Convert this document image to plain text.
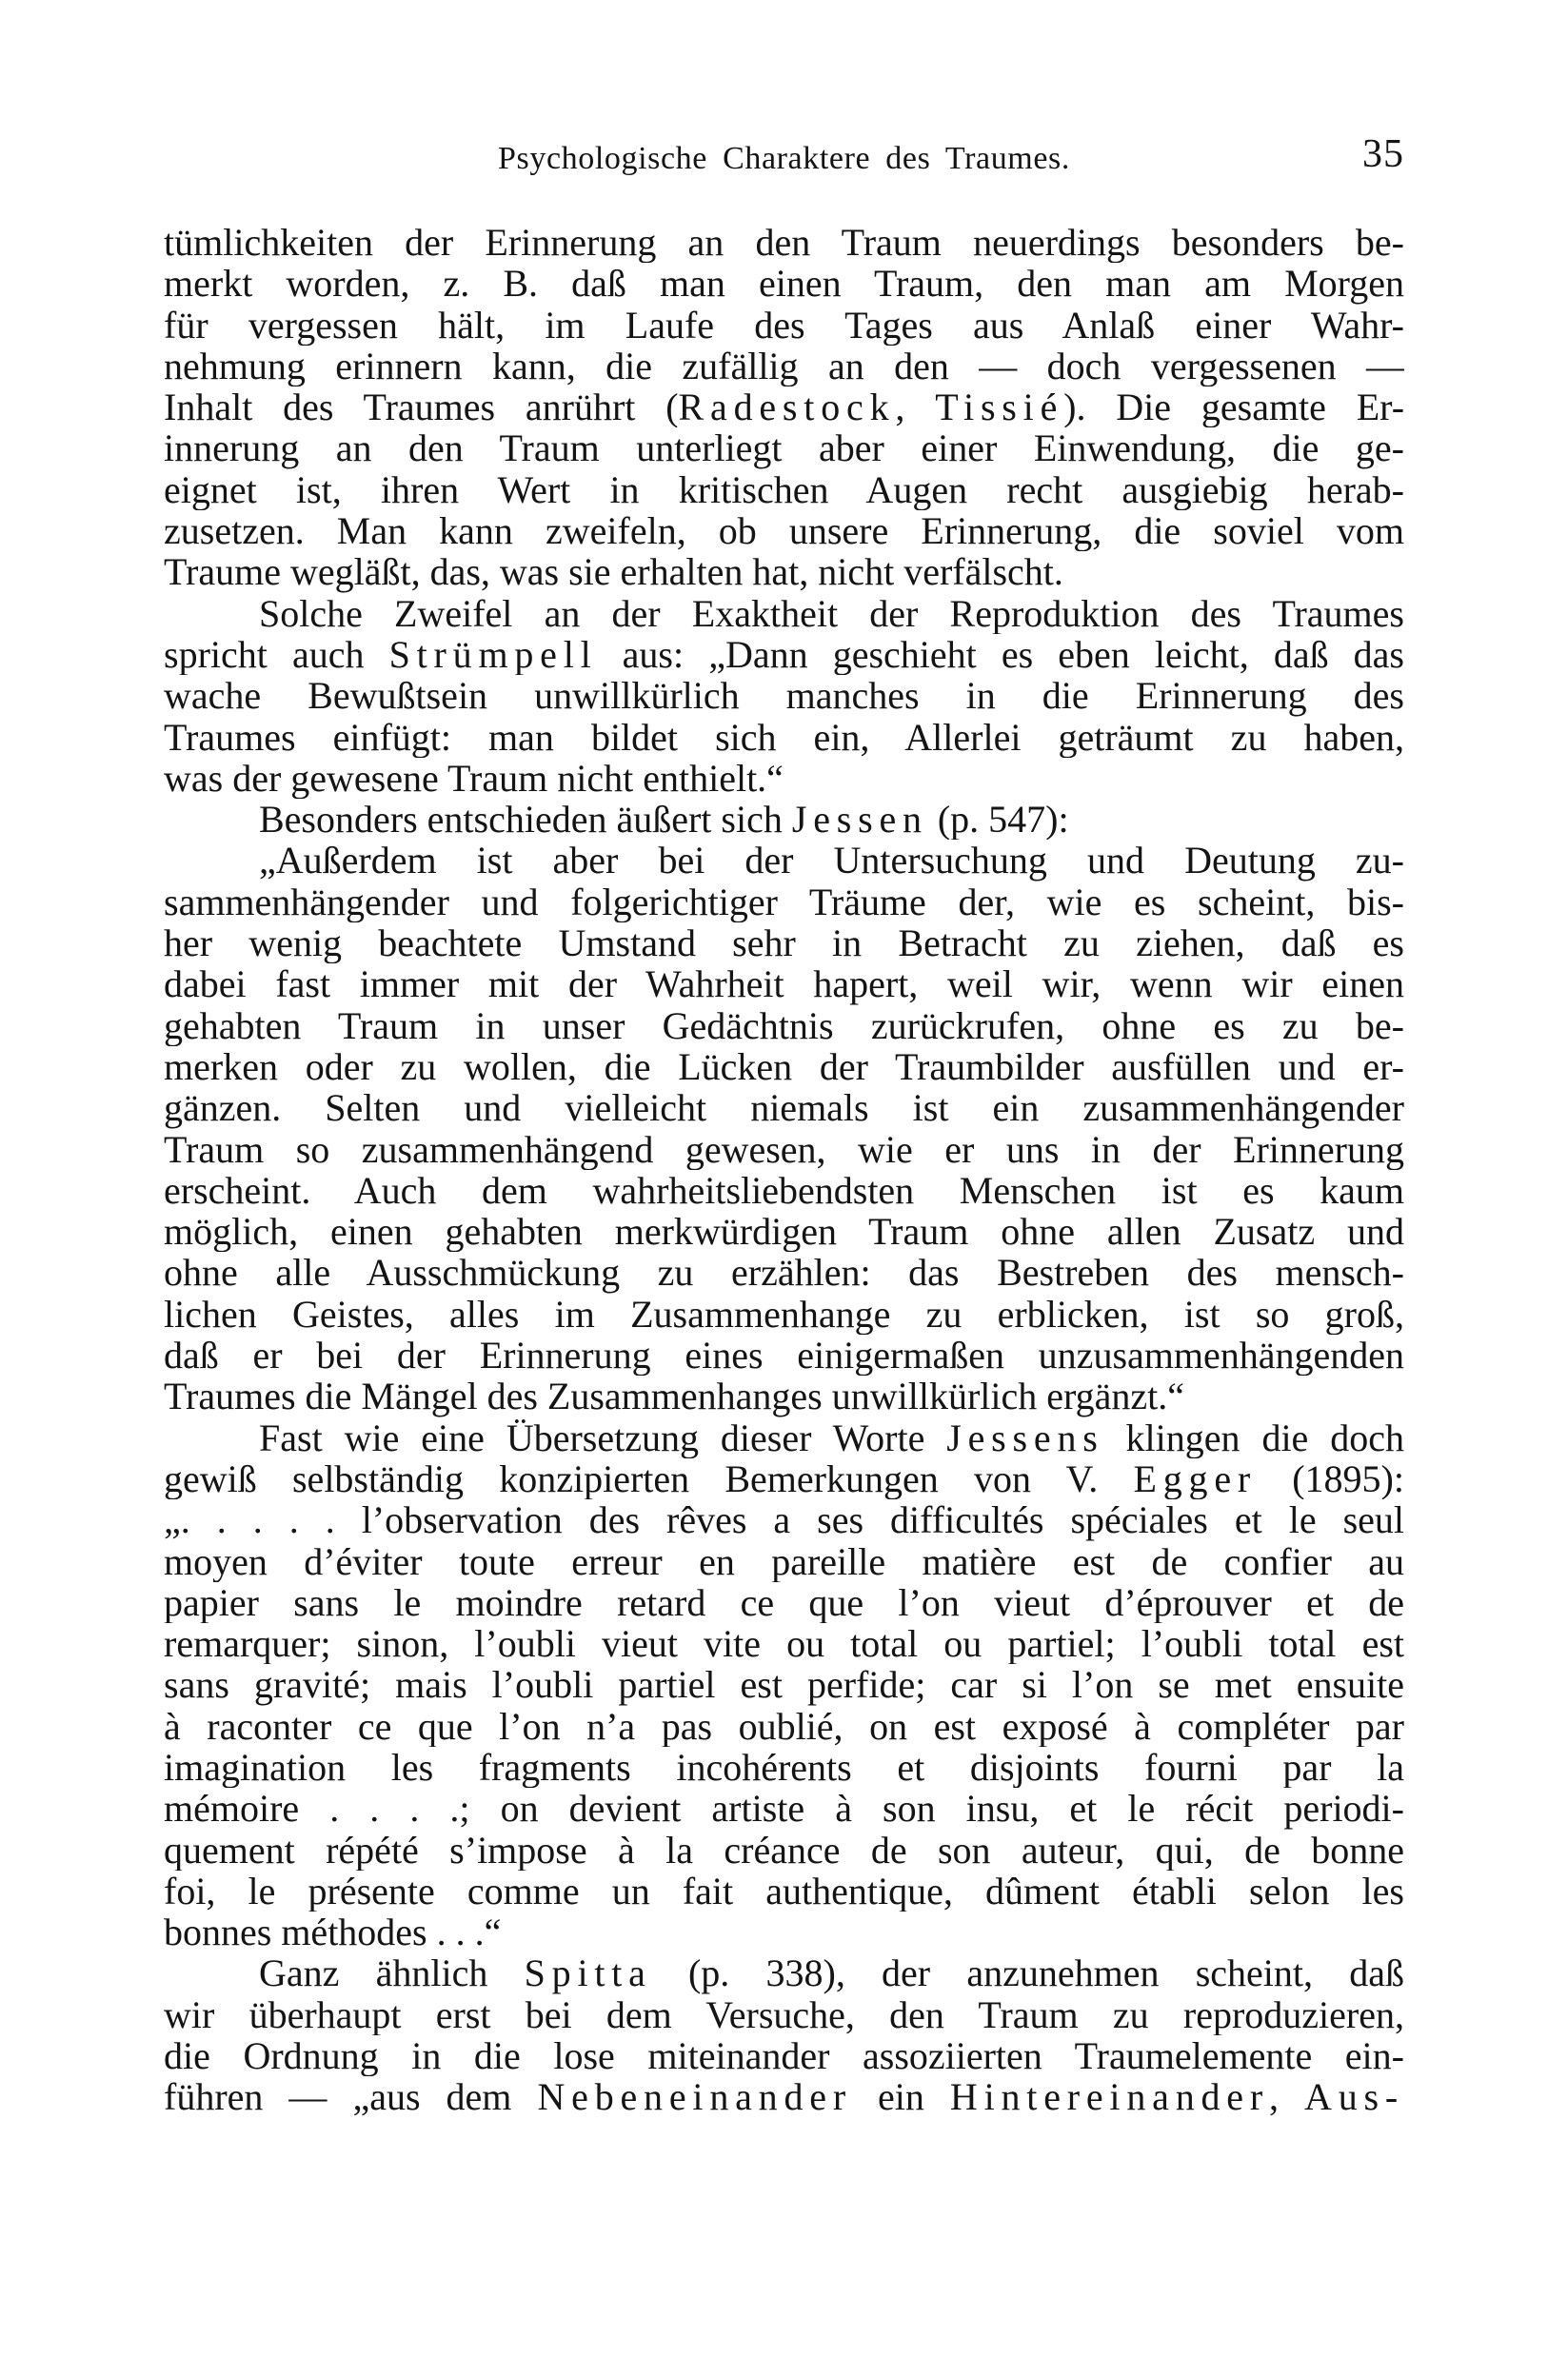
Psychologische Charaktere des Traumes.	35
tümlichkeiten der Erinnerung an den Traum neuerdings besonders be-
merkt worden, z. B. daß man einen Traum, den man am Morgen
für vergessen hält, im Laufe des Tages aus Anlaß einer Wahr-
nehmung erinnern kann, die zufällig an den — doch vergessenen —
Inhalt des Traumes anrührt (Radestock, Tissié). Die gesamte Er-
innerung an den Traum unterliegt aber einer Einwendung, die ge-
eignet ist, ihren Wert in kritischen Augen recht ausgiebig herab-
zusetzen. Man kann zweifeln, ob unsere Erinnerung, die soviel vom
Traume wegläßt, das, was sie erhalten hat, nicht verfälscht.
Solche Zweifel an der Exaktheit der Reproduktion des Traumes
spricht auch Strümpell aus: „Dann geschieht es eben leicht, daß das
wache Bewußtsein unwillkürlich manches in die Erinnerung des
Traumes einfügt: man bildet sich ein, Allerlei geträumt zu haben,
was der gewesene Traum nicht enthielt.“
Besonders entschieden äußert sich Jessen (p. 547):
„Außerdem ist aber bei der Untersuchung und Deutung zu-
sammenhängender und folgerichtiger Träume der, wie es scheint, bis-
her wenig beachtete Umstand sehr in Betracht zu ziehen, daß es
dabei fast immer mit der Wahrheit hapert, weil wir, wenn wir einen
gehabten Traum in unser Gedächtnis zurückrufen, ohne es zu be-
merken oder zu wollen, die Lücken der Traumbilder ausfüllen und er-
gänzen. Selten und vielleicht niemals ist ein zusammenhängender
Traum so zusammenhängend gewesen, wie er uns in der Erinnerung
erscheint. Auch dem wahrheitsliebendsten Menschen ist es kaum
möglich, einen gehabten merkwürdigen Traum ohne allen Zusatz und
ohne alle Ausschmückung zu erzählen: das Bestreben des mensch-
lichen Geistes, alles im Zusammenhange zu erblicken, ist so groß,
daß er bei der Erinnerung eines einigermaßen unzusammenhängenden
Traumes die Mängel des Zusammenhanges unwillkürlich ergänzt.“
Fast wie eine Übersetzung dieser Worte Jessens klingen die doch
gewiß selbständig konzipierten Bemerkungen von V. Egger (1895):
„. . . . . l’observation des rêves a ses difficultés spéciales et le seul
moyen d’éviter toute erreur en pareille matière est de confier au
papier sans le moindre retard ce que l’on vieut d’éprouver et de
remarquer; sinon, l’oubli vieut vite ou total ou partiel; l’oubli total est
sans gravité; mais l’oubli partiel est perfide; car si l’on se met ensuite
à raconter ce que l’on n’a pas oublié, on est exposé à compléter par
imagination les fragments incohérents et disjoints fourni par la
mémoire . . . .; on devient artiste à son insu, et le récit periodi-
quement répété s’impose à la créance de son auteur, qui, de bonne
foi, le présente comme un fait authentique, dûment établi selon les
bonnes méthodes . . .“
Ganz ähnlich Spitta (p. 338), der anzunehmen scheint, daß
wir überhaupt erst bei dem Versuche, den Traum zu reproduzieren,
die Ordnung in die lose miteinander assoziierten Traumelemente ein-
führen — „aus dem Nebeneinander ein Hintereinander, Aus-
